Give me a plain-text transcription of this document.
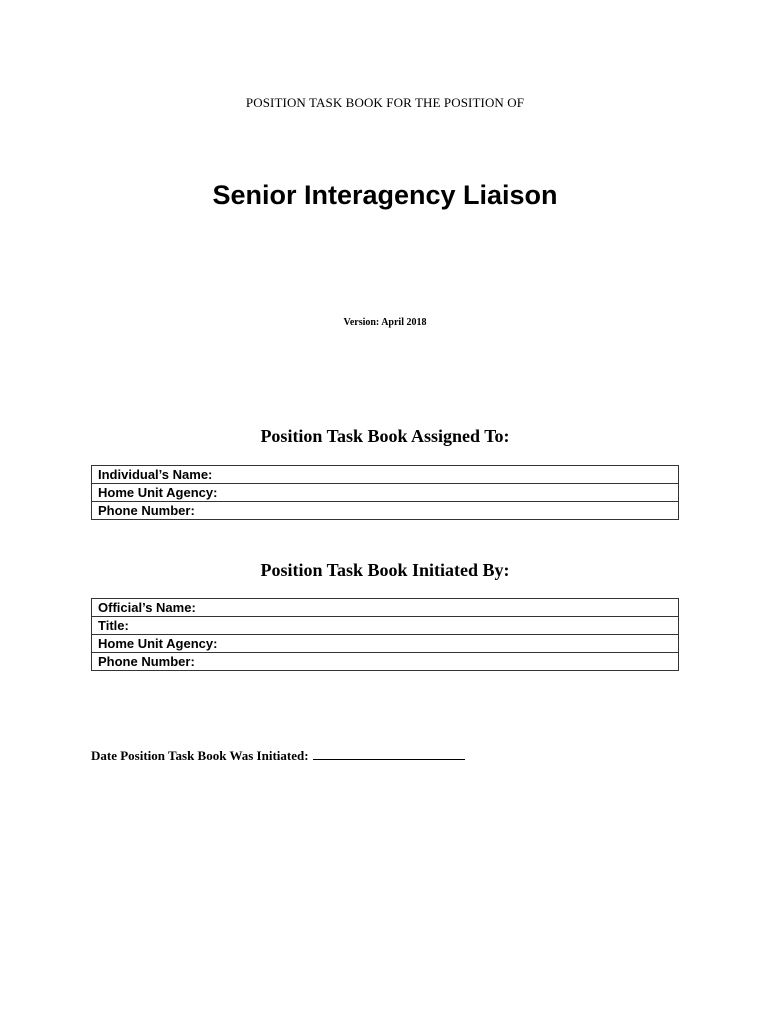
POSITION TASK BOOK FOR THE POSITION OF
Senior Interagency Liaison
Version: April 2018
Position Task Book Assigned To:
Individual’s Name:
Home Unit Agency:
Phone Number:
Position Task Book Initiated By:
Official’s Name:
Title:
Home Unit Agency:
Phone Number:
Date Position Task Book Was Initiated:
